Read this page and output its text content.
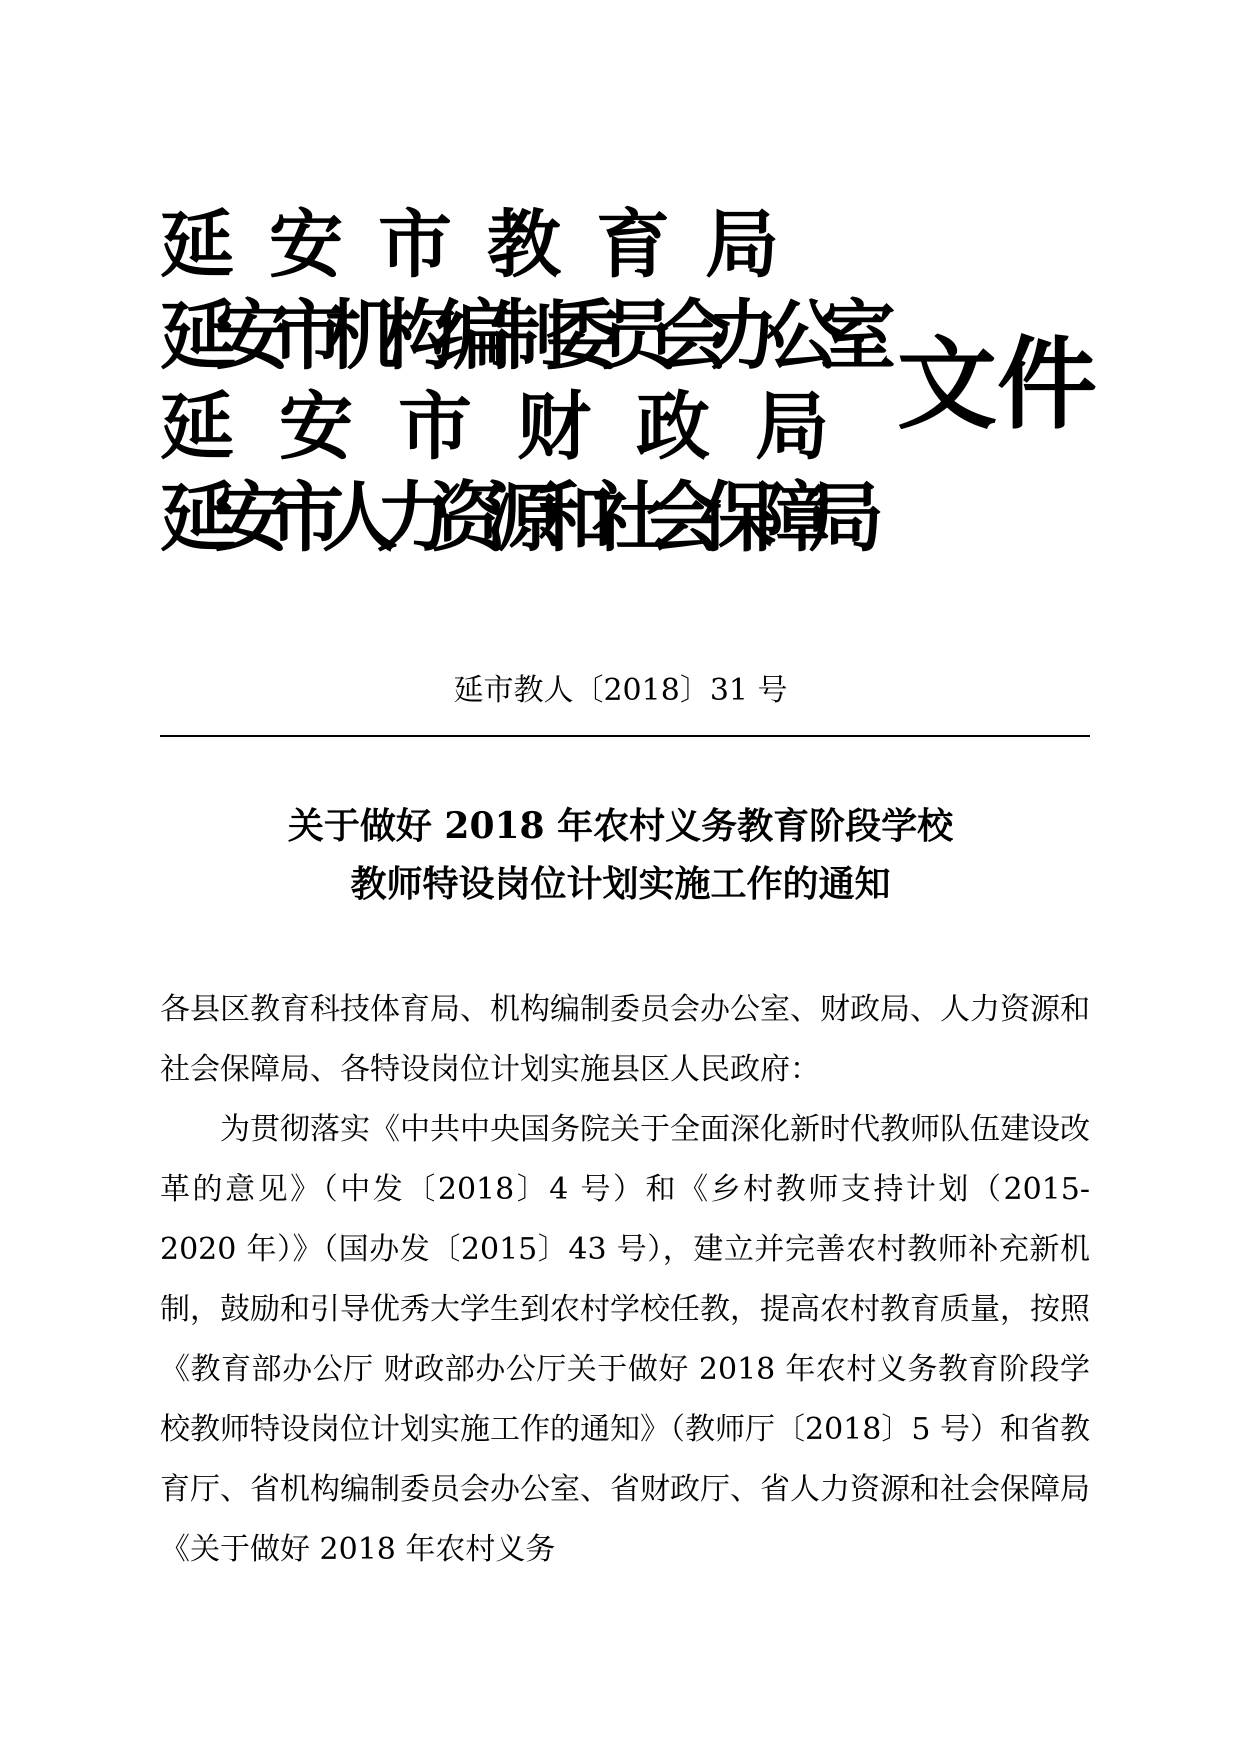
延安市教育局
延安市机构编制委员会办公室
延安市财政局
延安市人力资源和社会保障局
文件
延市教人〔2018〕31 号
关于做好 2018 年农村义务教育阶段学校
教师特设岗位计划实施工作的通知

各县区教育科技体育局、机构编制委员会办公室、财政局、人力资源和社会保障局、各特设岗位计划实施县区人民政府：

为贯彻落实《中共中央国务院关于全面深化新时代教师队伍建设改革的意见》（中发〔2018〕4 号）和《乡村教师支持计划（2015-2020 年）》（国办发〔2015〕43 号），建立并完善农村教师补充新机制，鼓励和引导优秀大学生到农村学校任教，提高农村教育质量，按照《教育部办公厅 财政部办公厅关于做好 2018 年农村义务教育阶段学校教师特设岗位计划实施工作的通知》（教师厅〔2018〕5 号）和省教育厅、省机构编制委员会办公室、省财政厅、省人力资源和社会保障局《关于做好 2018 年农村义务
